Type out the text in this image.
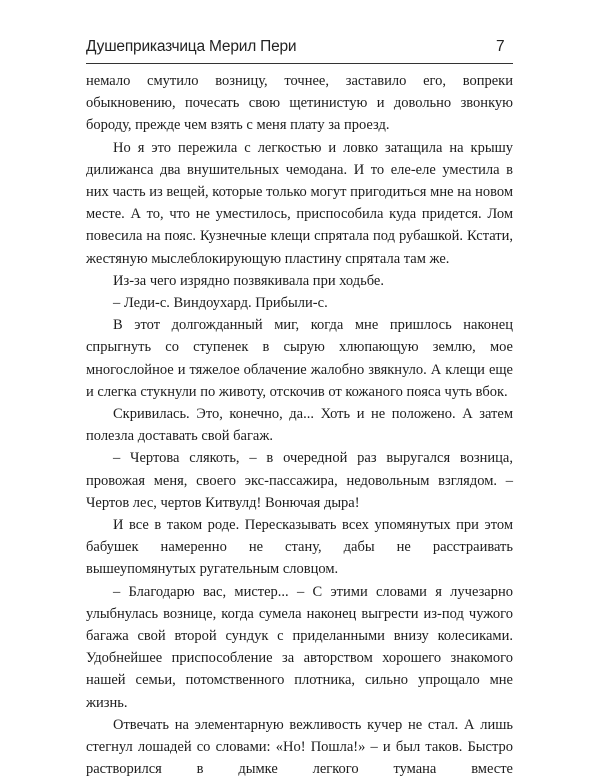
Душеприказчица Мерил Пери	7

немало смутило возницу, точнее, заставило его, вопреки обыкновению, почесать свою щетинистую и довольно звонкую бороду, прежде чем взять с меня плату за проезд.

Но я это пережила с легкостью и ловко затащила на крышу дилижанса два внушительных чемодана. И то еле-еле уместила в них часть из вещей, которые только могут пригодиться мне на новом месте. А то, что не уместилось, приспособила куда придется. Лом повесила на пояс. Кузнечные клещи спрятала под рубашкой. Кстати, жестяную мыслеблокирующую пластину спрятала там же.

Из-за чего изрядно позвякивала при ходьбе.

– Леди-с. Виндоухард. Прибыли-с.

В этот долгожданный миг, когда мне пришлось наконец спрыгнуть со ступенек в сырую хлюпающую землю, мое многослойное и тяжелое облачение жалобно звякнуло. А клещи еще и слегка стукнули по животу, отскочив от кожаного пояса чуть вбок.

Скривилась. Это, конечно, да... Хоть и не положено. А затем полезла доставать свой багаж.

– Чертова слякоть, – в очередной раз выругался возница, провожая меня, своего экс-пассажира, недовольным взглядом. – Чертов лес, чертов Китвулд! Вонючая дыра!

И все в таком роде. Пересказывать всех упомянутых при этом бабушек намеренно не стану, дабы не расстраивать вышеупомянутых ругательным словцом.

– Благодарю вас, мистер... – С этими словами я лучезарно улыбнулась вознице, когда сумела наконец выгрести из-под чужого багажа свой второй сундук с приделанными внизу колесиками. Удобнейшее приспособление за авторством хорошего знакомого нашей семьи, потомственного плотника, сильно упрощало мне жизнь.

Отвечать на элементарную вежливость кучер не стал. А лишь стегнул лошадей со словами: «Но! Пошла!» – и был таков. Быстро растворился в дымке легкого тумана вместе
